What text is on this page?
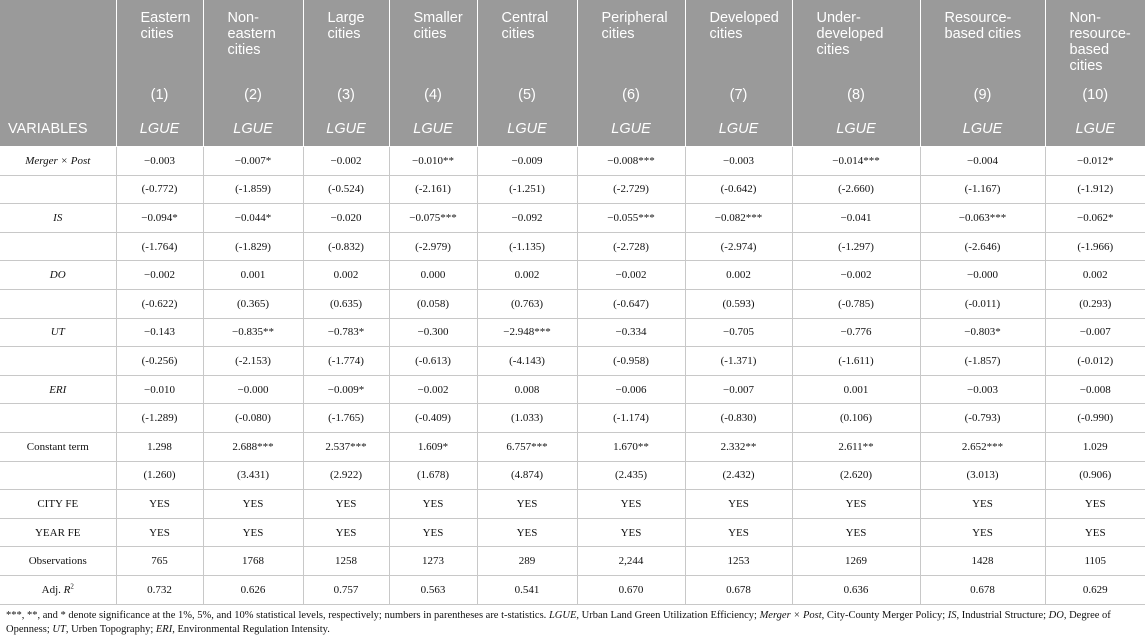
	Eastern cities	Non-eastern cities	Large cities	Smaller cities	Central cities	Peripheral cities	Developed cities	Under-developed cities	Resource-based cities	Non-resource-based cities
	(1)	(2)	(3)	(4)	(5)	(6)	(7)	(8)	(9)	(10)
VARIABLES	LGUE	LGUE	LGUE	LGUE	LGUE	LGUE	LGUE	LGUE	LGUE	LGUE
Merger × Post	−0.003	−0.007*	−0.002	−0.010**	−0.009	−0.008***	−0.003	−0.014***	−0.004	−0.012*
	(-0.772)	(-1.859)	(-0.524)	(-2.161)	(-1.251)	(-2.729)	(-0.642)	(-2.660)	(-1.167)	(-1.912)
IS	−0.094*	−0.044*	−0.020	−0.075***	−0.092	−0.055***	−0.082***	−0.041	−0.063***	−0.062*
	(-1.764)	(-1.829)	(-0.832)	(-2.979)	(-1.135)	(-2.728)	(-2.974)	(-1.297)	(-2.646)	(-1.966)
DO	−0.002	0.001	0.002	0.000	0.002	−0.002	0.002	−0.002	−0.000	0.002
	(-0.622)	(0.365)	(0.635)	(0.058)	(0.763)	(-0.647)	(0.593)	(-0.785)	(-0.011)	(0.293)
UT	−0.143	−0.835**	−0.783*	−0.300	−2.948***	−0.334	−0.705	−0.776	−0.803*	−0.007
	(-0.256)	(-2.153)	(-1.774)	(-0.613)	(-4.143)	(-0.958)	(-1.371)	(-1.611)	(-1.857)	(-0.012)
ERI	−0.010	−0.000	−0.009*	−0.002	0.008	−0.006	−0.007	0.001	−0.003	−0.008
	(-1.289)	(-0.080)	(-1.765)	(-0.409)	(1.033)	(-1.174)	(-0.830)	(0.106)	(-0.793)	(-0.990)
Constant term	1.298	2.688***	2.537***	1.609*	6.757***	1.670**	2.332**	2.611**	2.652***	1.029
	(1.260)	(3.431)	(2.922)	(1.678)	(4.874)	(2.435)	(2.432)	(2.620)	(3.013)	(0.906)
CITY FE	YES	YES	YES	YES	YES	YES	YES	YES	YES	YES
YEAR FE	YES	YES	YES	YES	YES	YES	YES	YES	YES	YES
Observations	765	1768	1258	1273	289	2,244	1253	1269	1428	1105
Adj. $R^2$	0.732	0.626	0.757	0.563	0.541	0.670	0.678	0.636	0.678	0.629
***, **, and * denote significance at the 1%, 5%, and 10% statistical levels, respectively; numbers in parentheses are t-statistics. LGUE, Urban Land Green Utilization Efficiency; Merger × Post, City-County Merger Policy; IS, Industrial Structure; DO, Degree of Openness; UT, Urben Topography; ERI, Environmental Regulation Intensity.
